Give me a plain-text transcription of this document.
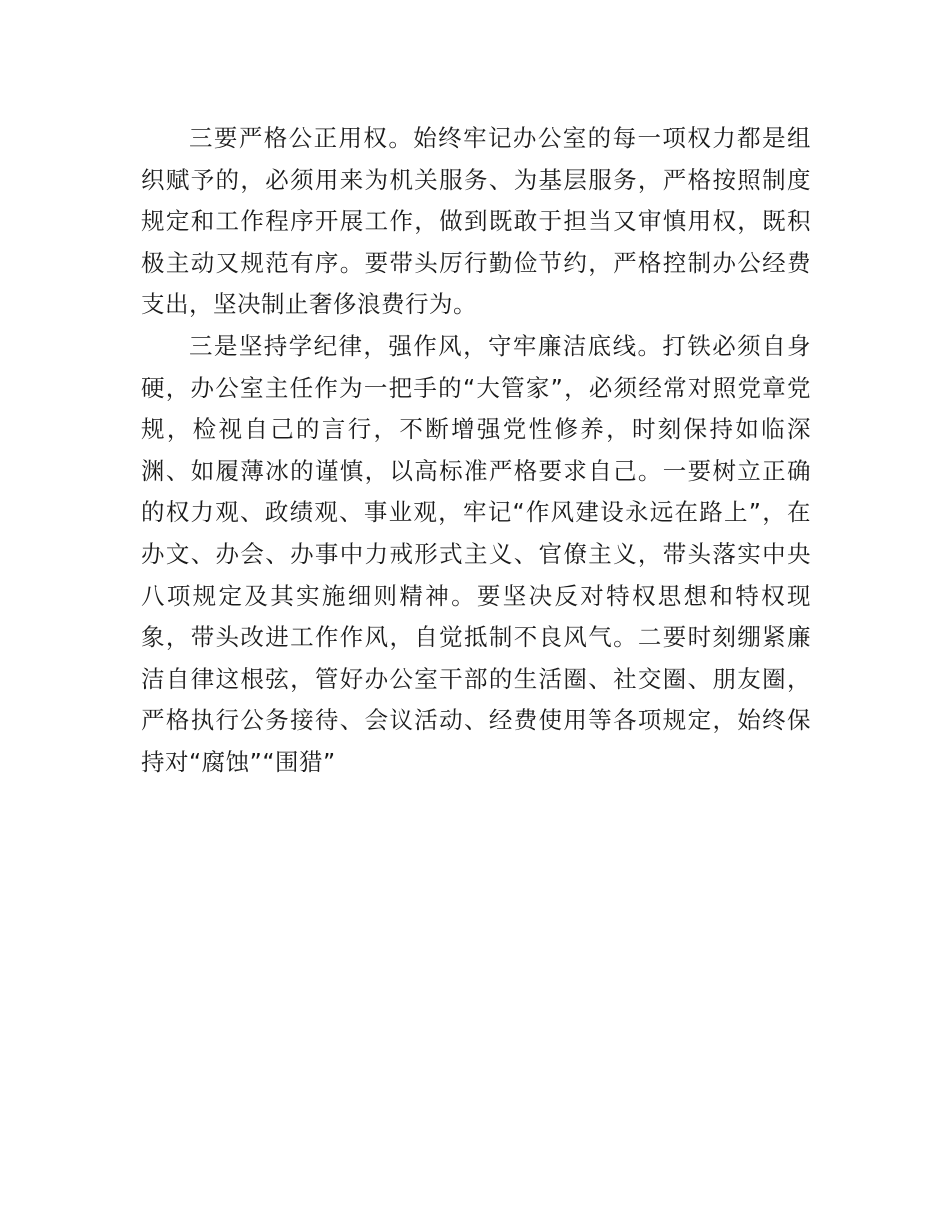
三要严格公正用权。始终牢记办公室的每一项权力都是组织赋予的，必须用来为机关服务、为基层服务，严格按照制度规定和工作程序开展工作，做到既敢于担当又审慎用权，既积极主动又规范有序。要带头厉行勤俭节约，严格控制办公经费支出，坚决制止奢侈浪费行为。

三是坚持学纪律，强作风，守牢廉洁底线。打铁必须自身硬，办公室主任作为一把手的“大管家”，必须经常对照党章党规，检视自己的言行，不断增强党性修养，时刻保持如临深渊、如履薄冰的谨慎，以高标准严格要求自己。一要树立正确的权力观、政绩观、事业观，牢记“作风建设永远在路上”，在办文、办会、办事中力戒形式主义、官僚主义，带头落实中央八项规定及其实施细则精神。要坚决反对特权思想和特权现象，带头改进工作作风，自觉抵制不良风气。二要时刻绷紧廉洁自律这根弦，管好办公室干部的生活圈、社交圈、朋友圈，严格执行公务接待、会议活动、经费使用等各项规定，始终保持对“腐蚀”“围猎”
